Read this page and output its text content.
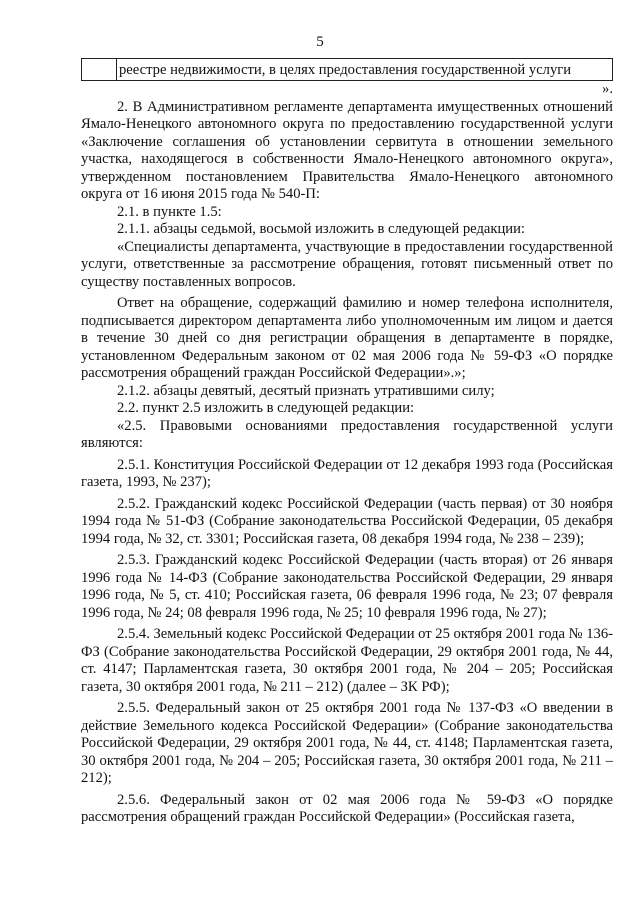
5
реестре недвижимости, в целях предоставления государственной услуги

».

2. В Административном регламенте департамента имущественных отношений Ямало-Ненецкого автономного округа по предоставлению государственной услуги «Заключение соглашения об установлении сервитута в отношении земельного участка, находящегося в собственности Ямало-Ненецкого автономного округа», утвержденном постановлением Правительства Ямало-Ненецкого автономного округа от 16 июня 2015 года № 540-П:

2.1. в пункте 1.5:

2.1.1. абзацы седьмой, восьмой изложить в следующей редакции:

«Специалисты департамента, участвующие в предоставлении государственной услуги, ответственные за рассмотрение обращения, готовят письменный ответ по существу поставленных вопросов.

Ответ на обращение, содержащий фамилию и номер телефона исполнителя, подписывается директором департамента либо уполномоченным им лицом и дается в течение 30 дней со дня регистрации обращения в департаменте в порядке, установленном Федеральным законом от 02 мая 2006 года № 59-ФЗ «О порядке рассмотрения обращений граждан Российской Федерации».»;

2.1.2. абзацы девятый, десятый признать утратившими силу;

2.2. пункт 2.5 изложить в следующей редакции:

«2.5. Правовыми основаниями предоставления государственной услуги являются:

2.5.1. Конституция Российской Федерации от 12 декабря 1993 года (Российская газета, 1993, № 237);

2.5.2. Гражданский кодекс Российской Федерации (часть первая) от 30 ноября 1994 года № 51-ФЗ (Собрание законодательства Российской Федерации, 05 декабря 1994 года, № 32, ст. 3301; Российская газета, 08 декабря 1994 года, № 238 – 239);

2.5.3. Гражданский кодекс Российской Федерации (часть вторая) от 26 января 1996 года № 14-ФЗ (Собрание законодательства Российской Федерации, 29 января 1996 года, № 5, ст. 410; Российская газета, 06 февраля 1996 года, № 23; 07 февраля 1996 года, № 24; 08 февраля 1996 года, № 25; 10 февраля 1996 года, № 27);

2.5.4. Земельный кодекс Российской Федерации от 25 октября 2001 года № 136-ФЗ (Собрание законодательства Российской Федерации, 29 октября 2001 года, № 44, ст. 4147; Парламентская газета, 30 октября 2001 года, № 204 – 205; Российская газета, 30 октября 2001 года, № 211 – 212) (далее – ЗК РФ);

2.5.5. Федеральный закон от 25 октября 2001 года № 137-ФЗ «О введении в действие Земельного кодекса Российской Федерации» (Собрание законодательства Российской Федерации, 29 октября 2001 года, № 44, ст. 4148; Парламентская газета, 30 октября 2001 года, № 204 – 205; Российская газета, 30 октября 2001 года, № 211 – 212);

2.5.6. Федеральный закон от 02 мая 2006 года № 59-ФЗ «О порядке рассмотрения обращений граждан Российской Федерации» (Российская газета,
